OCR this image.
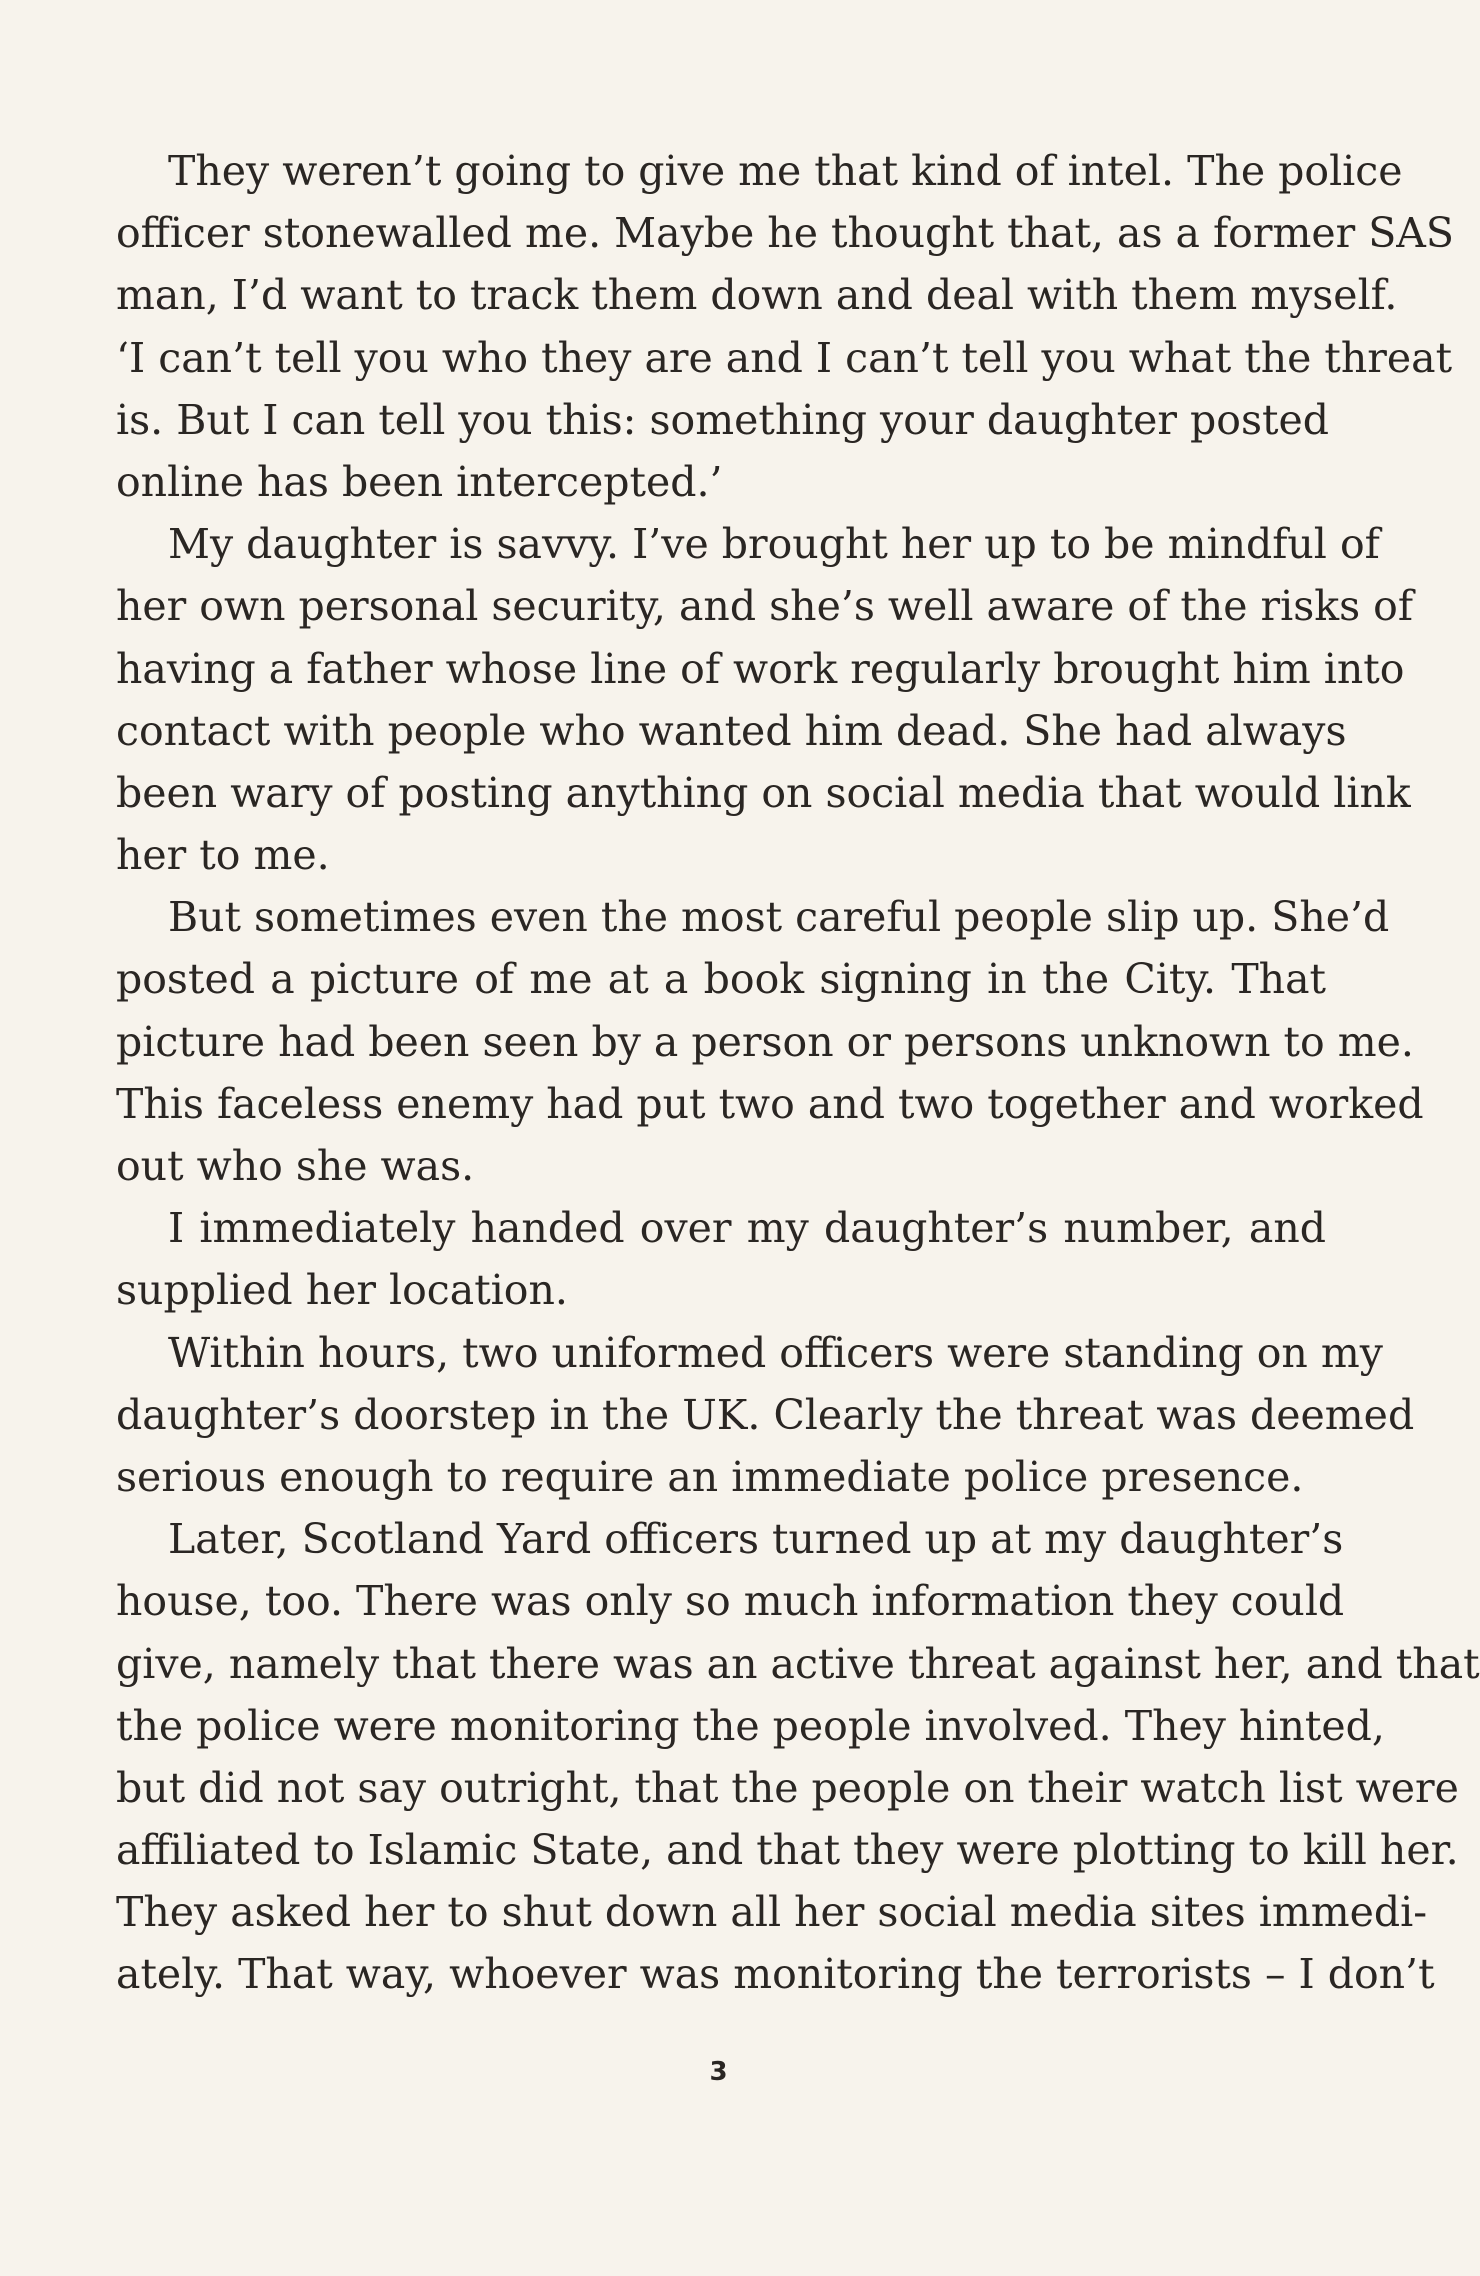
They weren’t going to give me that kind of intel. The police
officer stonewalled me. Maybe he thought that, as a former SAS
man, I’d want to track them down and deal with them myself.
‘I can’t tell you who they are and I can’t tell you what the threat
is. But I can tell you this: something your daughter posted
online has been intercepted.’
My daughter is savvy. I’ve brought her up to be mindful of
her own personal security, and she’s well aware of the risks of
having a father whose line of work regularly brought him into
contact with people who wanted him dead. She had always
been wary of posting anything on social media that would link
her to me.
But sometimes even the most careful people slip up. She’d
posted a picture of me at a book signing in the City. That
picture had been seen by a person or persons unknown to me.
This faceless enemy had put two and two together and worked
out who she was.
I immediately handed over my daughter’s number, and
supplied her location.
Within hours, two uniformed officers were standing on my
daughter’s doorstep in the UK. Clearly the threat was deemed
serious enough to require an immediate police presence.
Later, Scotland Yard officers turned up at my daughter’s
house, too. There was only so much information they could
give, namely that there was an active threat against her, and that
the police were monitoring the people involved. They hinted,
but did not say outright, that the people on their watch list were
affiliated to Islamic State, and that they were plotting to kill her.
They asked her to shut down all her social media sites immedi-
ately. That way, whoever was monitoring the terrorists – I don’t
3
